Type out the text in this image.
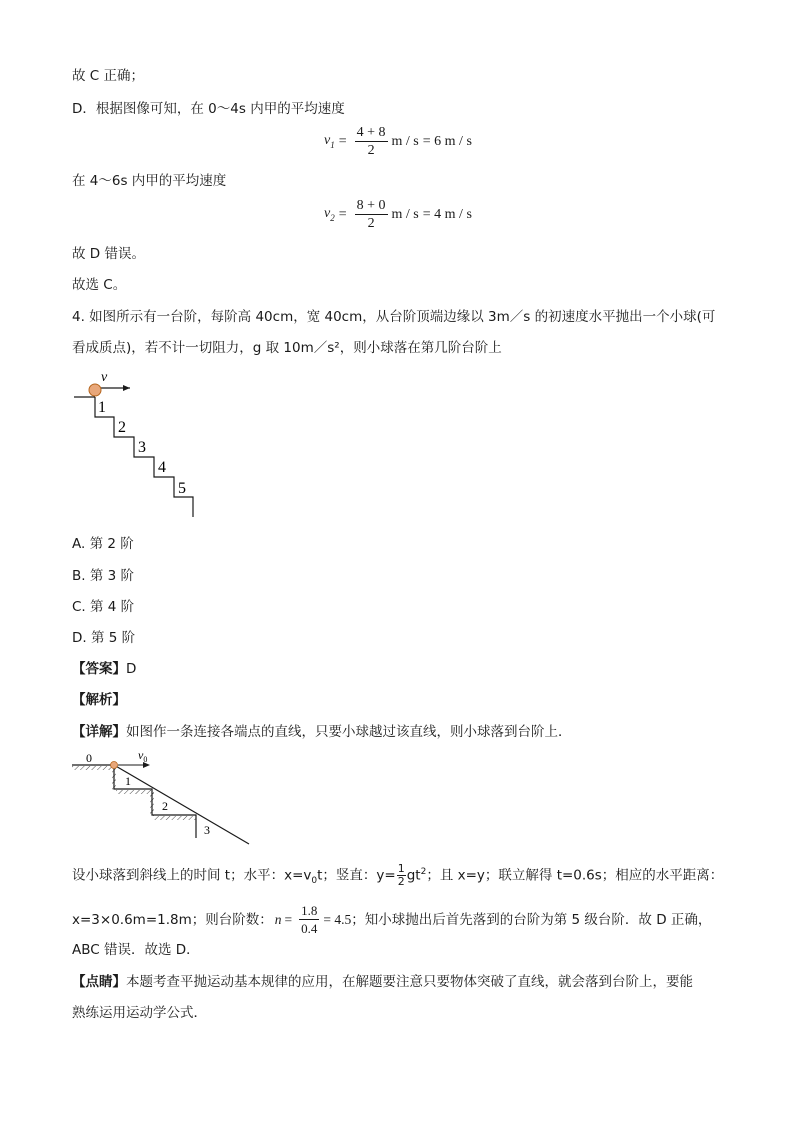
故 C 正确；
D．根据图像可知，在 0～4s 内甲的平均速度
$v_1 = \frac{4 + 8}{2}$ m / s = 6 m / s
在 4～6s 内甲的平均速度
$v_2 = \frac{8 + 0}{2}$ m / s = 4 m / s
故 D 错误。
故选 C。
4. 如图所示有一台阶，每阶高 40cm，宽 40cm，从台阶顶端边缘以 3m／s 的初速度水平抛出一个小球(可
看成质点)，若不计一切阻力，g 取 10m／s²，则小球落在第几阶台阶上
v
1
2
3
4
5
A. 第 2 阶
B. 第 3 阶
C. 第 4 阶
D. 第 5 阶
【答案】D
【解析】
【详解】如图作一条连接各端点的直线，只要小球越过该直线，则小球落到台阶上．
0	$v_0$
1
2
3
设小球落到斜线上的时间 t；水平：$x=v_0t$；竖直：$y= \frac{1}{2} gt^2$；且 x=y；联立解得 t=0.6s；相应的水平距离：
x=3×0.6m=1.8m；则台阶数： $n = \frac{1.8}{0.4} = 4.5$ ；知小球抛出后首先落到的台阶为第 5 级台阶．故 D 正确，
ABC 错误．故选 D．
【点睛】本题考查平抛运动基本规律的应用，在解题要注意只要物体突破了直线，就会落到台阶上，要能
熟练运用运动学公式．
